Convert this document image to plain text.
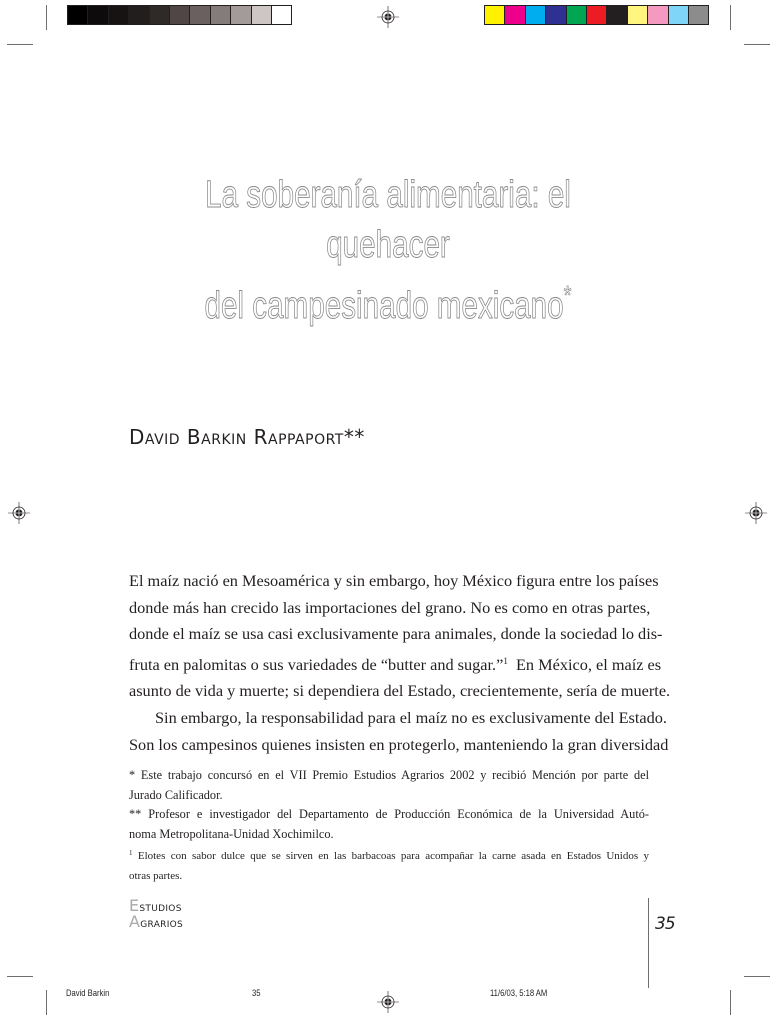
La soberanía alimentaria: el quehacer
del campesinado mexicano*
David Barkin Rappaport**
El maíz nació en Mesoamérica y sin embargo, hoy México figura entre los países
donde más han crecido las importaciones del grano. No es como en otras partes,
donde el maíz se usa casi exclusivamente para animales, donde la sociedad lo dis-
fruta en palomitas o sus variedades de “butter and sugar.”$^1$  En México, el maíz es
asunto de vida y muerte; si dependiera del Estado, crecientemente, sería de muerte.
Sin embargo, la responsabilidad para el maíz no es exclusivamente del Estado.
Son los campesinos quienes insisten en protegerlo, manteniendo la gran diversidad
* Este trabajo concursó en el VII Premio Estudios Agrarios 2002 y recibió Mención por parte del
Jurado Calificador.
** Profesor e investigador del Departamento de Producción Económica de la Universidad Autó-
noma Metropolitana-Unidad Xochimilco.
$^1$ Elotes con sabor dulce que se sirven en las barbacoas para acompañar la carne asada en Estados Unidos y
otras partes.
Estudios
Agrarios	35
David Barkin	35	11/6/03, 5:18 AM
